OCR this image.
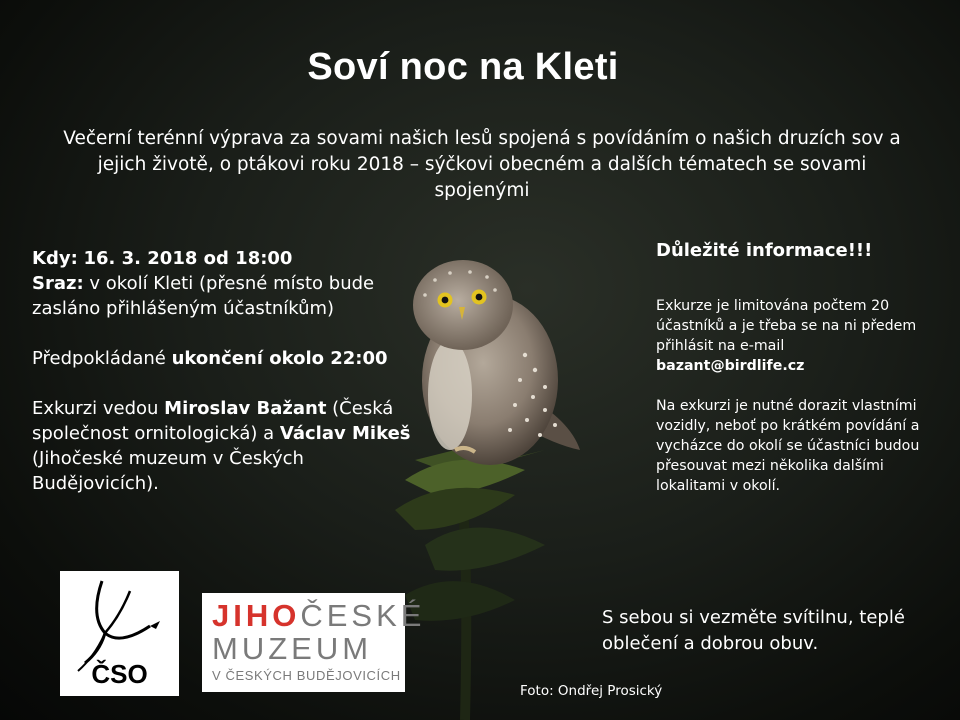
Soví noc na Kleti
Večerní terénní výprava za sovami našich lesů spojená s povídáním o našich druzích sov a jejich životě, o ptákovi roku 2018 – sýčkovi obecném a dalších tématech se sovami spojenými

Kdy: 16. 3. 2018 od 18:00
Sraz: v okolí Kleti (přesné místo bude zasláno přihlášeným účastníkům)

Předpokládané ukončení okolo 22:00

Exkurzi vedou Miroslav Bažant (Česká společnost ornitologická) a Václav Mikeš (Jihočeské muzeum v Českých Budějovicích).

Důležité informace!!!

Exkurze je limitována počtem 20 účastníků a je třeba se na ni předem přihlásit na e-mail
bazant@birdlife.cz

Na exkurzi je nutné dorazit vlastními vozidly, neboť po krátkém povídání a vycházce do okolí se účastníci budou přesouvat mezi několika dalšími lokalitami v okolí.

S sebou si vezměte svítilnu, teplé oblečení a dobrou obuv.
ČSO
JIHOČESKÉ
MUZEUM
V ČESKÝCH BUDĚJOVICÍCH
Foto: Ondřej Prosický
